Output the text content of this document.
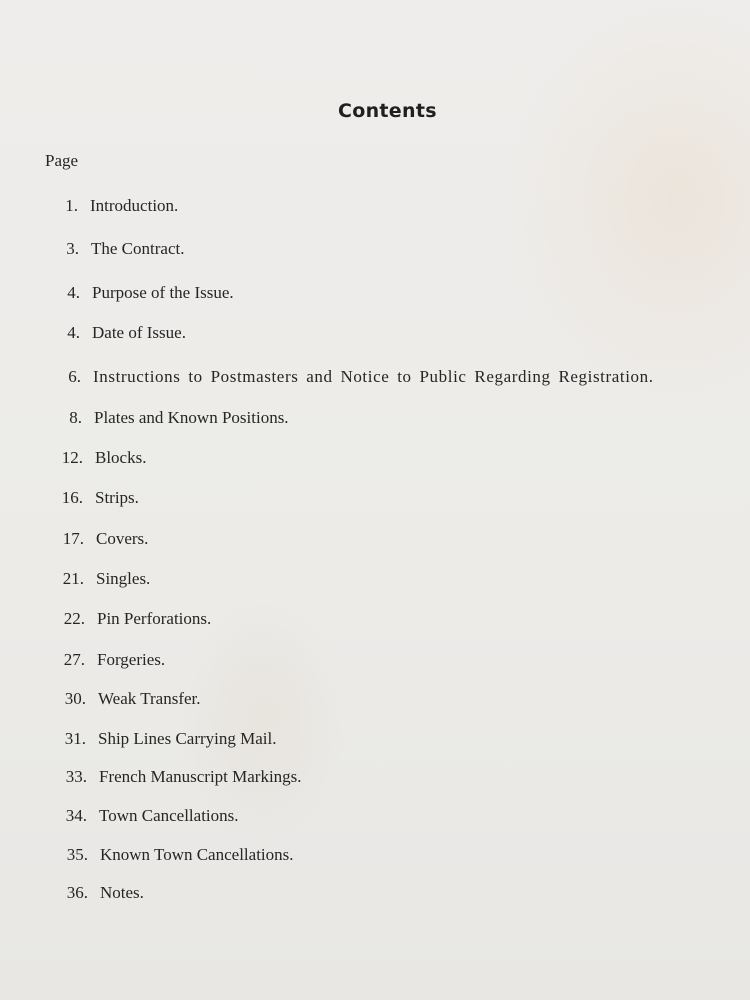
Contents

Page

1. Introduction.
3. The Contract.
4. Purpose of the Issue.
4. Date of Issue.
6. Instructions to Postmasters and Notice to Public Regarding Registration.
8. Plates and Known Positions.
12. Blocks.
16. Strips.
17. Covers.
21. Singles.
22. Pin Perforations.
27. Forgeries.
30. Weak Transfer.
31. Ship Lines Carrying Mail.
33. French Manuscript Markings.
34. Town Cancellations.
35. Known Town Cancellations.
36. Notes.
